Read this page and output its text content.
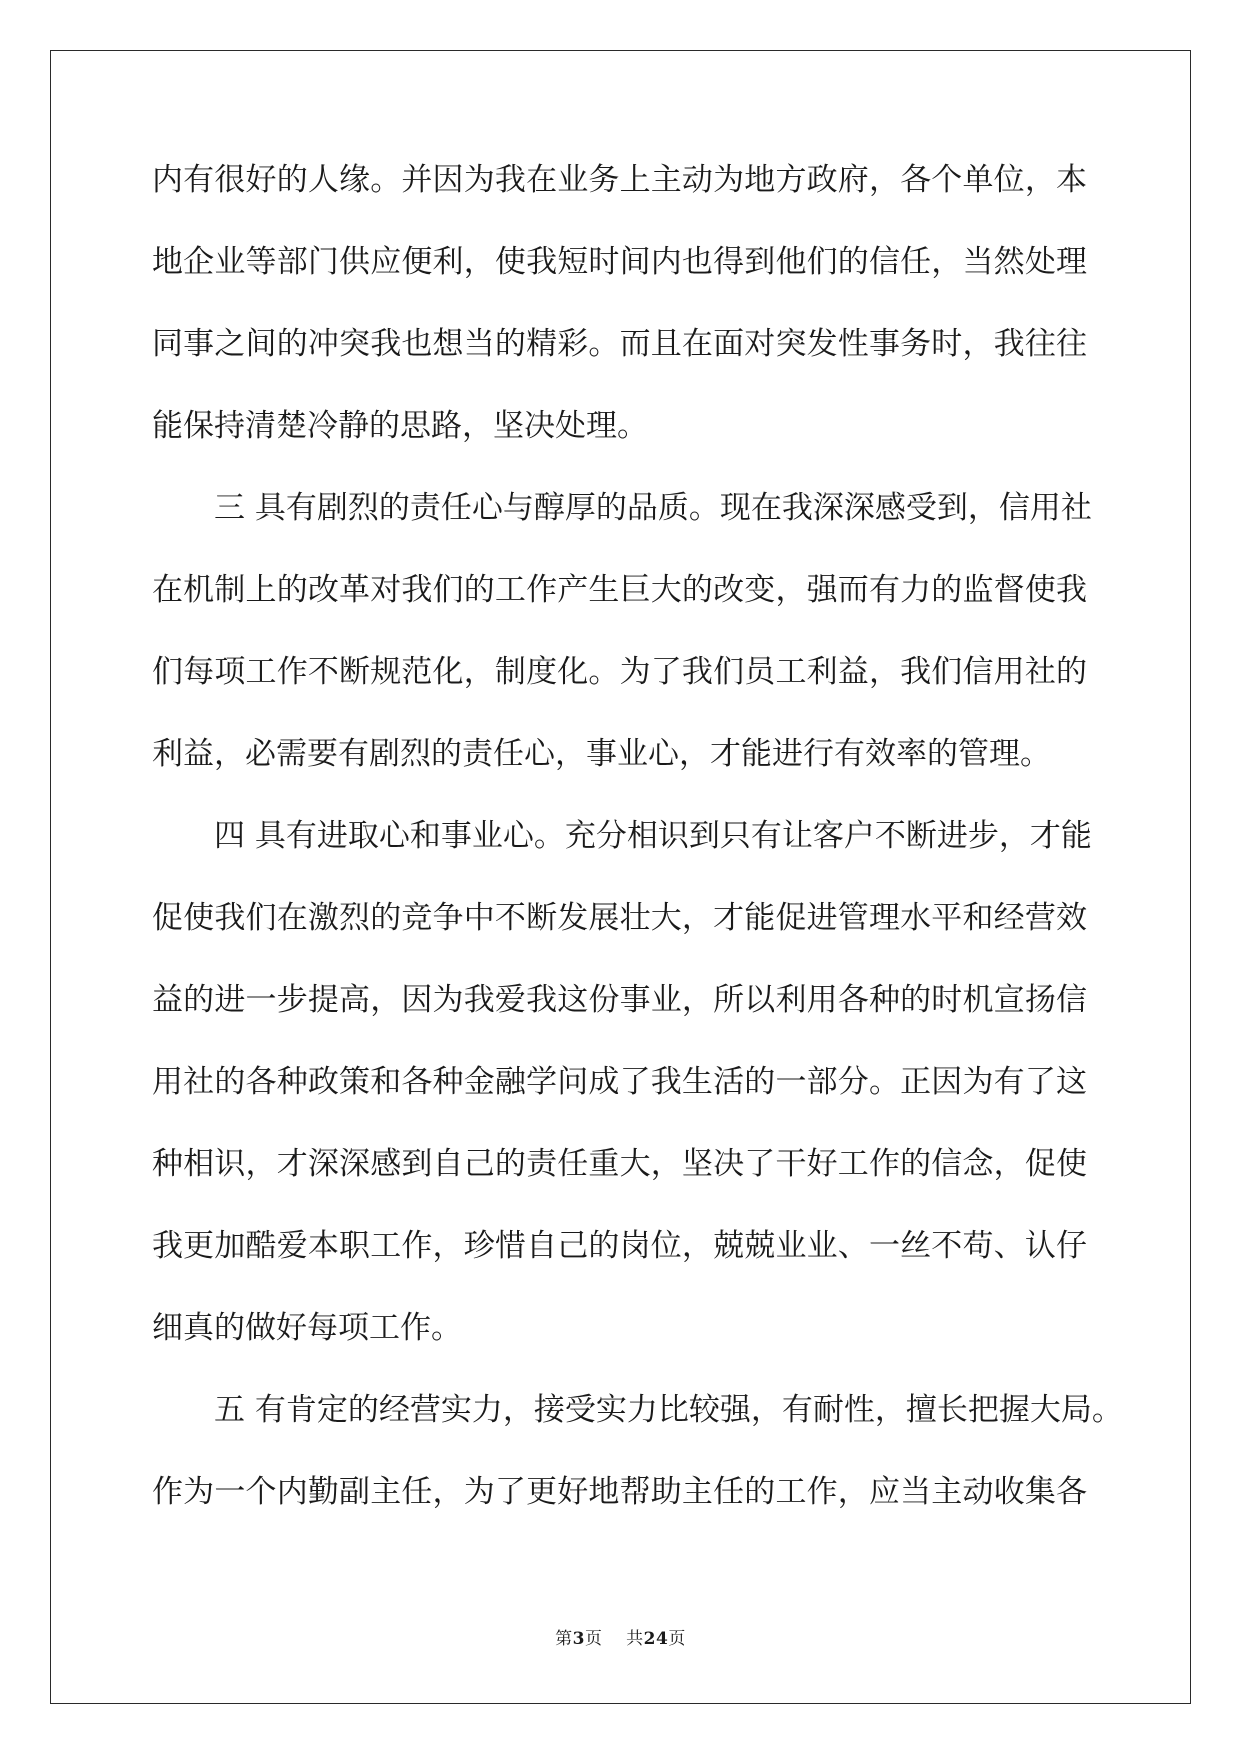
内有很好的人缘。并因为我在业务上主动为地方政府，各个单位，本
地企业等部门供应便利，使我短时间内也得到他们的信任，当然处理
同事之间的冲突我也想当的精彩。而且在面对突发性事务时，我往往
能保持清楚冷静的思路，坚决处理。
　　三 具有剧烈的责任心与醇厚的品质。现在我深深感受到，信用社
在机制上的改革对我们的工作产生巨大的改变，强而有力的监督使我
们每项工作不断规范化，制度化。为了我们员工利益，我们信用社的
利益，必需要有剧烈的责任心，事业心，才能进行有效率的管理。
　　四 具有进取心和事业心。充分相识到只有让客户不断进步，才能
促使我们在激烈的竞争中不断发展壮大，才能促进管理水平和经营效
益的进一步提高，因为我爱我这份事业，所以利用各种的时机宣扬信
用社的各种政策和各种金融学问成了我生活的一部分。正因为有了这
种相识，才深深感到自己的责任重大，坚决了干好工作的信念，促使
我更加酷爱本职工作，珍惜自己的岗位，兢兢业业、一丝不苟、认仔
细真的做好每项工作。
　　五 有肯定的经营实力，接受实力比较强，有耐性，擅长把握大局。
作为一个内勤副主任，为了更好地帮助主任的工作，应当主动收集各
第3页 共24页
